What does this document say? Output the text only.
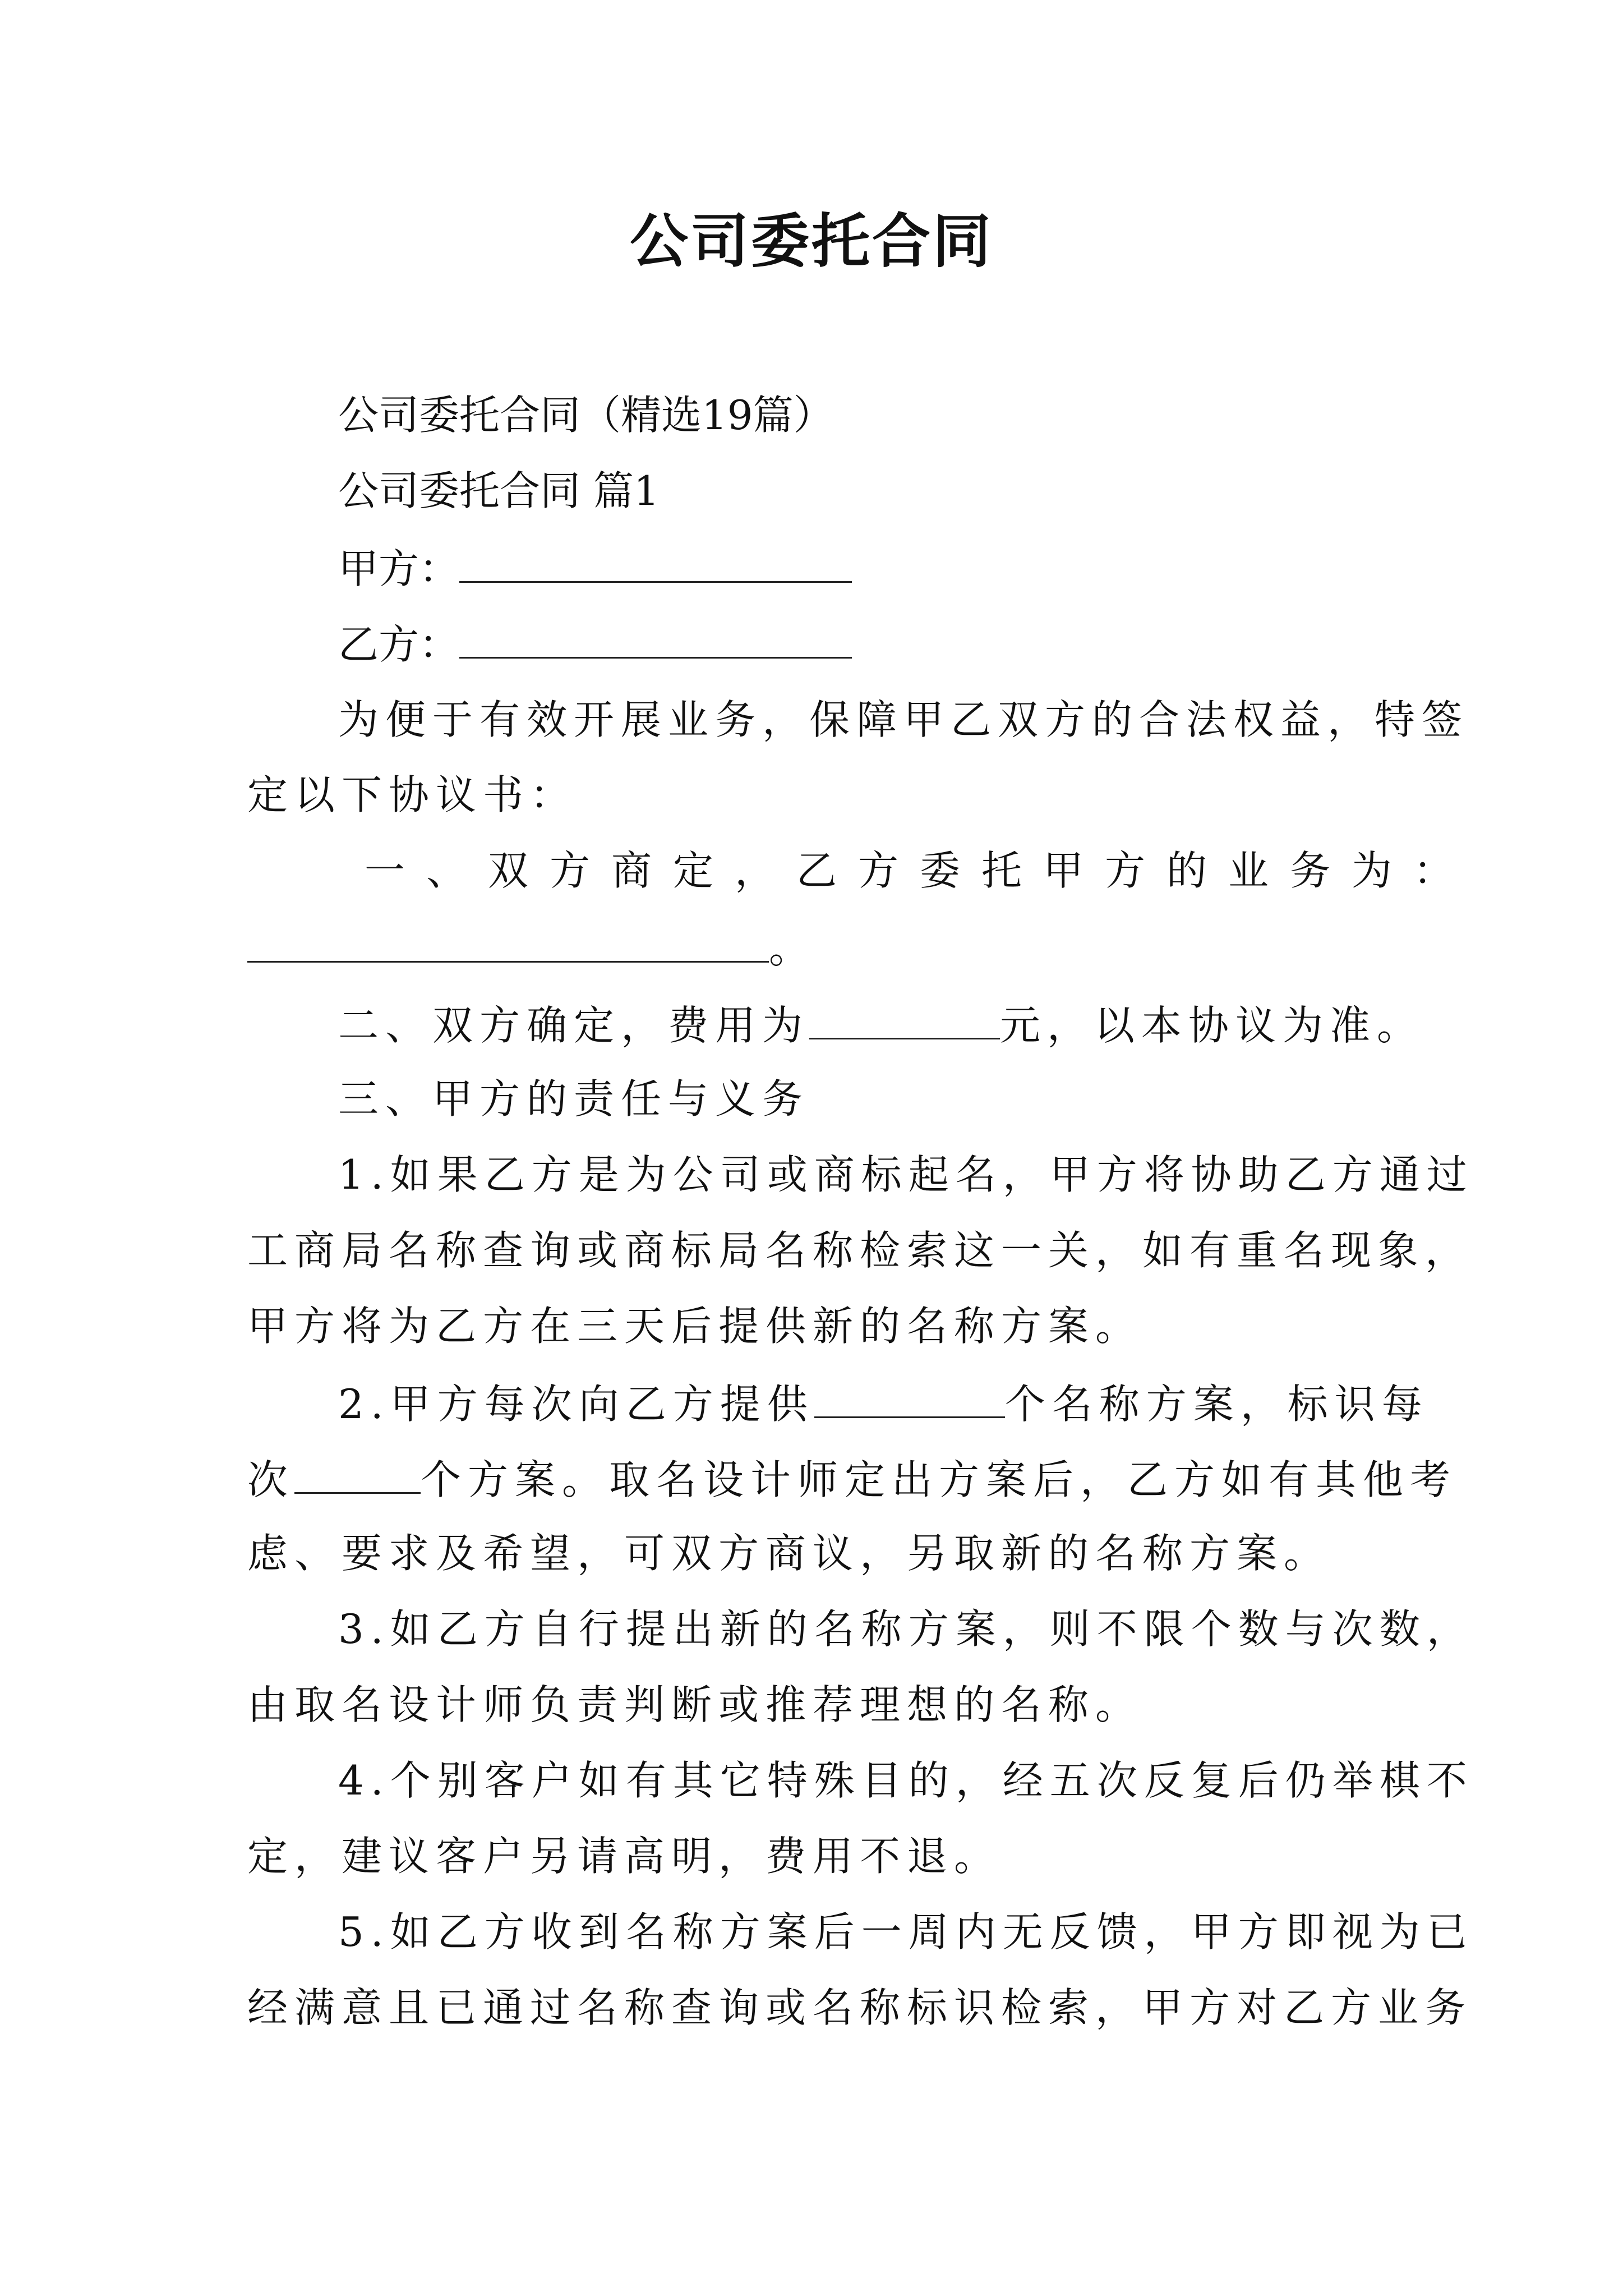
公司委托合同
公司委托合同（精选19篇）
公司委托合同 篇1
甲方：
乙方：
为便于有效开展业务，保障甲乙双方的合法权益，特签
定以下协议书：
一、双方商定，乙方委托甲方的业务为：
。
二、双方确定，费用为	元，以本协议为准。
三、甲方的责任与义务
1.如果乙方是为公司或商标起名，甲方将协助乙方通过
工商局名称查询或商标局名称检索这一关，如有重名现象，
甲方将为乙方在三天后提供新的名称方案。
2.甲方每次向乙方提供	个名称方案，标识每
次	个方案。取名设计师定出方案后，乙方如有其他考
虑、要求及希望，可双方商议，另取新的名称方案。
3.如乙方自行提出新的名称方案，则不限个数与次数，
由取名设计师负责判断或推荐理想的名称。
4.个别客户如有其它特殊目的，经五次反复后仍举棋不
定，建议客户另请高明，费用不退。
5.如乙方收到名称方案后一周内无反馈，甲方即视为已
经满意且已通过名称查询或名称标识检索，甲方对乙方业务
